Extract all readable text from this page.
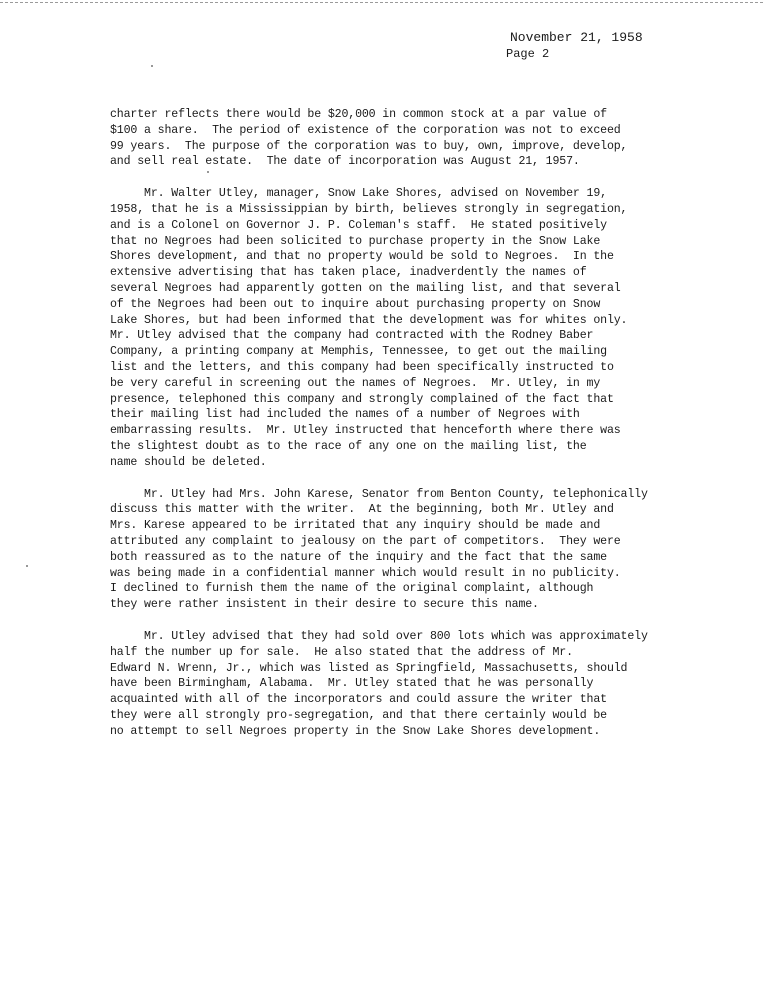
November 21, 1958
Page 2

charter reflects there would be $20,000 in common stock at a par value of

$100 a share.  The period of existence of the corporation was not to exceed

99 years.  The purpose of the corporation was to buy, own, improve, develop,

and sell real estate.  The date of incorporation was August 21, 1957.

Mr. Walter Utley, manager, Snow Lake Shores, advised on November 19,

1958, that he is a Mississippian by birth, believes strongly in segregation,

and is a Colonel on Governor J. P. Coleman's staff.  He stated positively

that no Negroes had been solicited to purchase property in the Snow Lake

Shores development, and that no property would be sold to Negroes.  In the

extensive advertising that has taken place, inadverdently the names of

several Negroes had apparently gotten on the mailing list, and that several

of the Negroes had been out to inquire about purchasing property on Snow

Lake Shores, but had been informed that the development was for whites only.

Mr. Utley advised that the company had contracted with the Rodney Baber

Company, a printing company at Memphis, Tennessee, to get out the mailing

list and the letters, and this company had been specifically instructed to

be very careful in screening out the names of Negroes.  Mr. Utley, in my

presence, telephoned this company and strongly complained of the fact that

their mailing list had included the names of a number of Negroes with

embarrassing results.  Mr. Utley instructed that henceforth where there was

the slightest doubt as to the race of any one on the mailing list, the

name should be deleted.

Mr. Utley had Mrs. John Karese, Senator from Benton County, telephonically

discuss this matter with the writer.  At the beginning, both Mr. Utley and

Mrs. Karese appeared to be irritated that any inquiry should be made and

attributed any complaint to jealousy on the part of competitors.  They were

both reassured as to the nature of the inquiry and the fact that the same

was being made in a confidential manner which would result in no publicity.

I declined to furnish them the name of the original complaint, although

they were rather insistent in their desire to secure this name.

Mr. Utley advised that they had sold over 800 lots which was approximately

half the number up for sale.  He also stated that the address of Mr.

Edward N. Wrenn, Jr., which was listed as Springfield, Massachusetts, should

have been Birmingham, Alabama.  Mr. Utley stated that he was personally

acquainted with all of the incorporators and could assure the writer that

they were all strongly pro-segregation, and that there certainly would be

no attempt to sell Negroes property in the Snow Lake Shores development.
